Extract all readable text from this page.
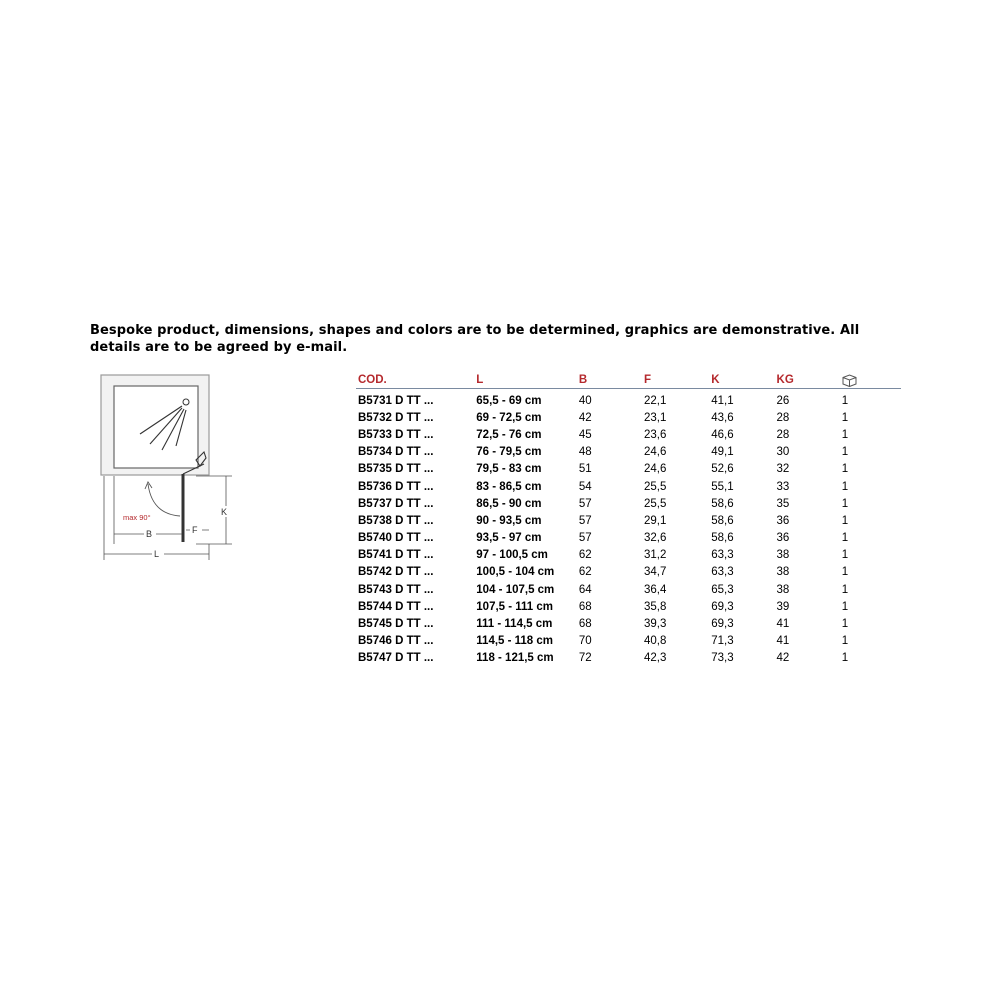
Bespoke product, dimensions, shapes and colors are to be determined, graphics are demonstrative. All details are to be agreed by e-mail.
max 90°
B	F
K
L
COD.	L	B	F	K	KG	
B5731 D TT ...	65,5 - 69 cm	40	22,1	41,1	26	1
B5732 D TT ...	69 - 72,5 cm	42	23,1	43,6	28	1
B5733 D TT ...	72,5 - 76 cm	45	23,6	46,6	28	1
B5734 D TT ...	76 - 79,5 cm	48	24,6	49,1	30	1
B5735 D TT ...	79,5 - 83 cm	51	24,6	52,6	32	1
B5736 D TT ...	83 - 86,5 cm	54	25,5	55,1	33	1
B5737 D TT ...	86,5 - 90 cm	57	25,5	58,6	35	1
B5738 D TT ...	90 - 93,5 cm	57	29,1	58,6	36	1
B5740 D TT ...	93,5 - 97 cm	57	32,6	58,6	36	1
B5741 D TT ...	97 - 100,5 cm	62	31,2	63,3	38	1
B5742 D TT ...	100,5 - 104 cm	62	34,7	63,3	38	1
B5743 D TT ...	104 - 107,5 cm	64	36,4	65,3	38	1
B5744 D TT ...	107,5 - 111 cm	68	35,8	69,3	39	1
B5745 D TT ...	111 - 114,5 cm	68	39,3	69,3	41	1
B5746 D TT ...	114,5 - 118 cm	70	40,8	71,3	41	1
B5747 D TT ...	118 - 121,5 cm	72	42,3	73,3	42	1
